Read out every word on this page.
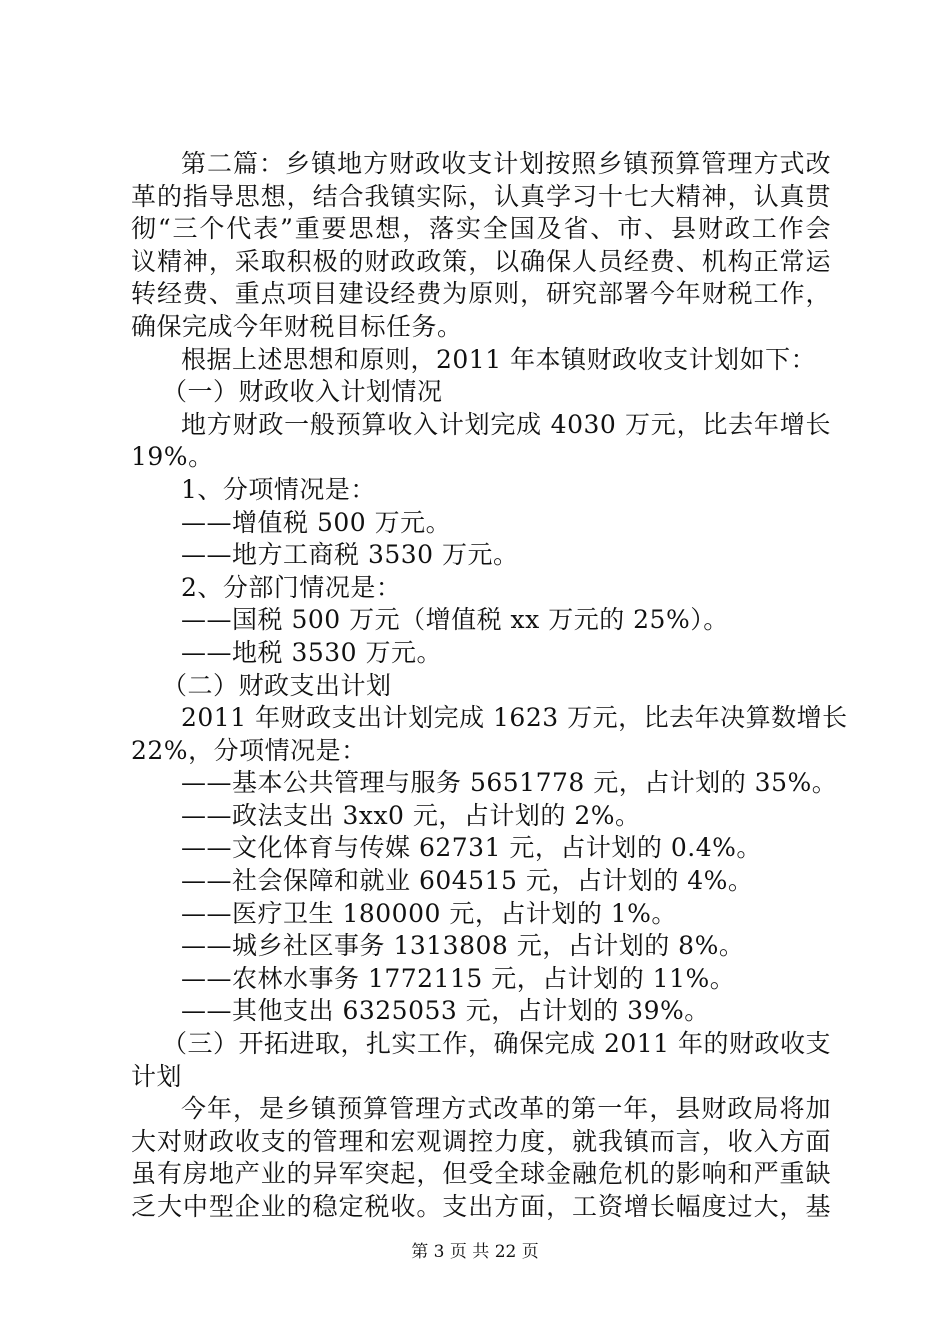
第二篇：乡镇地方财政收支计划按照乡镇预算管理方式改
革的指导思想，结合我镇实际，认真学习十七大精神，认真贯
彻“三个代表”重要思想，落实全国及省、市、县财政工作会
议精神，采取积极的财政政策，以确保人员经费、机构正常运
转经费、重点项目建设经费为原则，研究部署今年财税工作，
确保完成今年财税目标任务。
根据上述思想和原则，2011 年本镇财政收支计划如下：
（一）财政收入计划情况
地方财政一般预算收入计划完成 4030 万元，比去年增长
19%。
1、分项情况是：
——增值税 500 万元。
——地方工商税 3530 万元。
2、分部门情况是：
——国税 500 万元（增值税 xx 万元的 25%）。
——地税 3530 万元。
（二）财政支出计划
2011 年财政支出计划完成 1623 万元，比去年决算数增长
22%，分项情况是：
——基本公共管理与服务 5651778 元，占计划的 35%。
——政法支出 3xx0 元，占计划的 2%。
——文化体育与传媒 62731 元，占计划的 0.4%。
——社会保障和就业 604515 元，占计划的 4%。
——医疗卫生 180000 元，占计划的 1%。
——城乡社区事务 1313808 元，占计划的 8%。
——农林水事务 1772115 元，占计划的 11%。
——其他支出 6325053 元，占计划的 39%。
（三）开拓进取，扎实工作，确保完成 2011 年的财政收支
计划
今年，是乡镇预算管理方式改革的第一年，县财政局将加
大对财政收支的管理和宏观调控力度，就我镇而言，收入方面
虽有房地产业的异军突起，但受全球金融危机的影响和严重缺
乏大中型企业的稳定税收。支出方面，工资增长幅度过大，基
第 3 页 共 22 页
